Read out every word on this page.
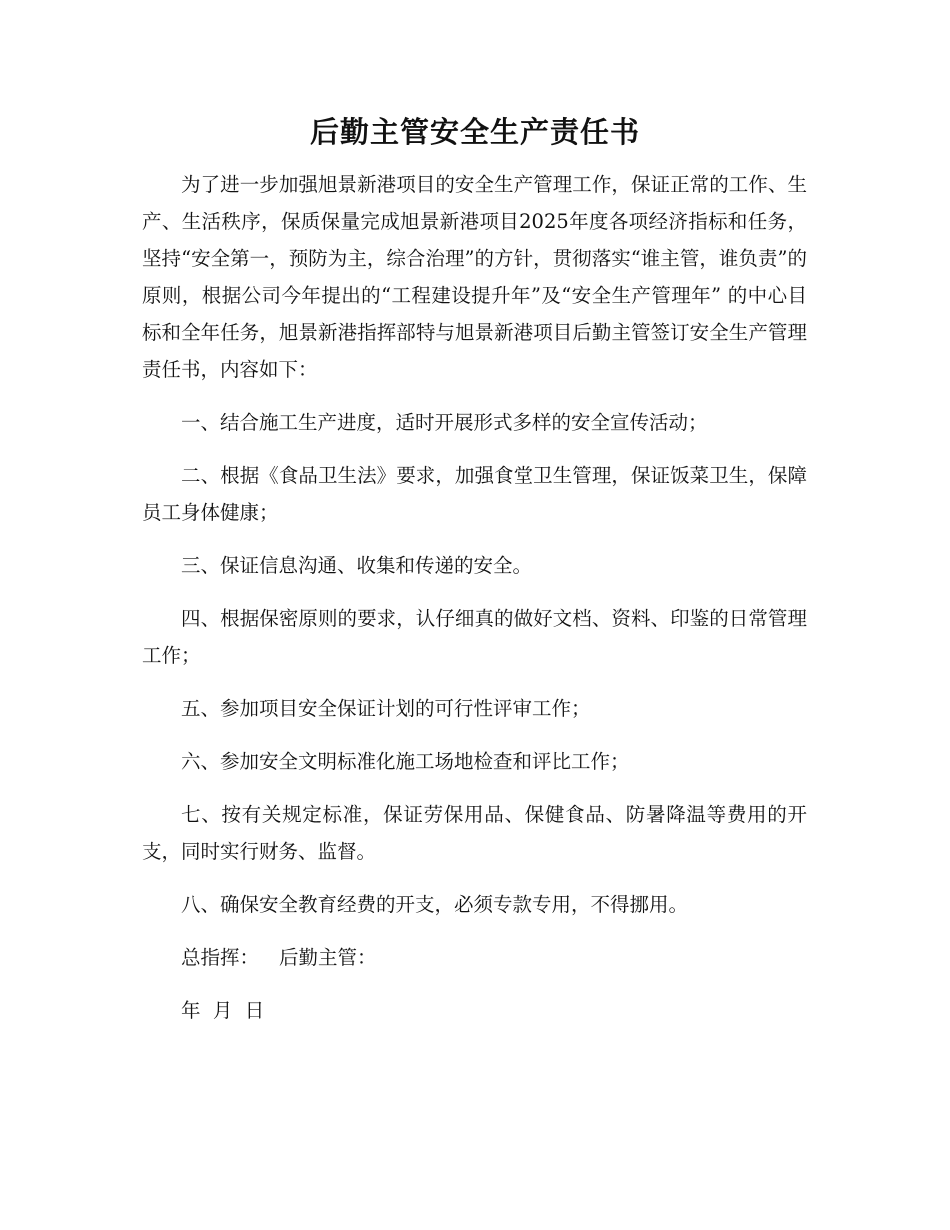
后勤主管安全生产责任书

为了进一步加强旭景新港项目的安全生产管理工作，保证正常的工作、生产、生活秩序，保质保量完成旭景新港项目2025年度各项经济指标和任务，坚持“安全第一，预防为主，综合治理”的方针，贯彻落实“谁主管，谁负责”的原则，根据公司今年提出的“工程建设提升年”及“安全生产管理年” 的中心目标和全年任务，旭景新港指挥部特与旭景新港项目后勤主管签订安全生产管理责任书，内容如下：

一、结合施工生产进度，适时开展形式多样的安全宣传活动；

二、根据《食品卫生法》要求，加强食堂卫生管理，保证饭菜卫生，保障员工身体健康；

三、保证信息沟通、收集和传递的安全。

四、根据保密原则的要求，认仔细真的做好文档、资料、印鉴的日常管理工作；

五、参加项目安全保证计划的可行性评审工作；

六、参加安全文明标准化施工场地检查和评比工作；

七、按有关规定标准，保证劳保用品、保健食品、防暑降温等费用的开支，同时实行财务、监督。

八、确保安全教育经费的开支，必须专款专用，不得挪用。

总指挥： 后勤主管：

年  月  日
